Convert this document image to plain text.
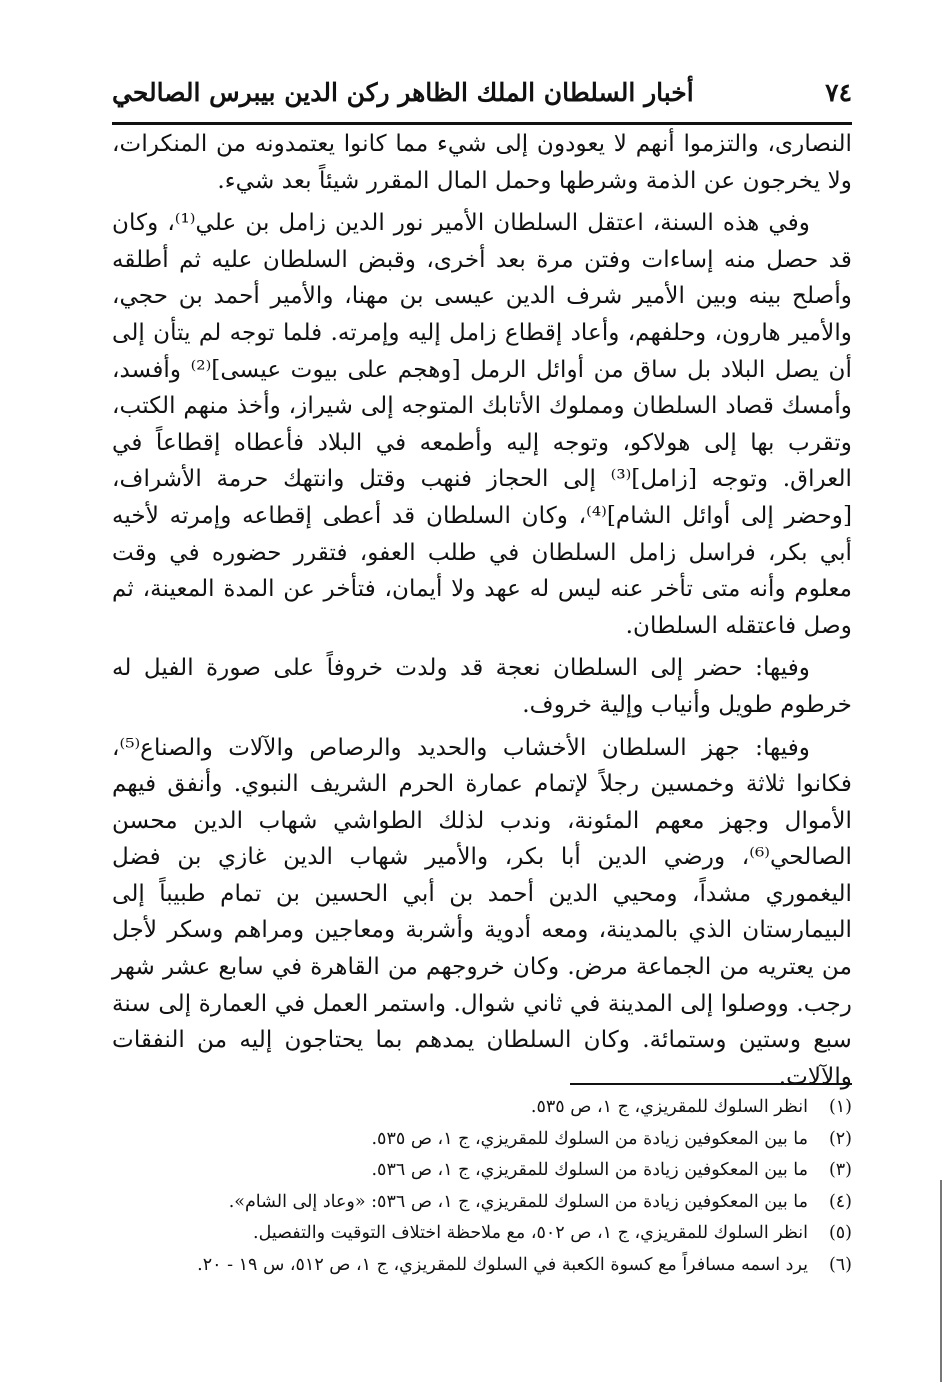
٧٤
أخبار السلطان الملك الظاهر ركن الدين بيبرس الصالحي

النصارى، والتزموا أنهم لا يعودون إلى شيء مما كانوا يعتمدونه من المنكرات، ولا يخرجون عن الذمة وشرطها وحمل المال المقرر شيئاً بعد شيء.

وفي هذه السنة، اعتقل السلطان الأمير نور الدين زامل بن علي⁽¹⁾، وكان قد حصل منه إساءات وفتن مرة بعد أخرى، وقبض السلطان عليه ثم أطلقه وأصلح بينه وبين الأمير شرف الدين عيسى بن مهنا، والأمير أحمد بن حجي، والأمير هارون، وحلفهم، وأعاد إقطاع زامل إليه وإمرته. فلما توجه لم يتأن إلى أن يصل البلاد بل ساق من أوائل الرمل [وهجم على بيوت عيسى]⁽²⁾ وأفسد، وأمسك قصاد السلطان ومملوك الأتابك المتوجه إلى شيراز، وأخذ منهم الكتب، وتقرب بها إلى هولاكو، وتوجه إليه وأطمعه في البلاد فأعطاه إقطاعاً في العراق. وتوجه [زامل]⁽³⁾ إلى الحجاز فنهب وقتل وانتهك حرمة الأشراف، [وحضر إلى أوائل الشام]⁽⁴⁾، وكان السلطان قد أعطى إقطاعه وإمرته لأخيه أبي بكر، فراسل زامل السلطان في طلب العفو، فتقرر حضوره في وقت معلوم وأنه متى تأخر عنه ليس له عهد ولا أيمان، فتأخر عن المدة المعينة، ثم وصل فاعتقله السلطان.

وفيها: حضر إلى السلطان نعجة قد ولدت خروفاً على صورة الفيل له خرطوم طويل وأنياب وإلية خروف.

وفيها: جهز السلطان الأخشاب والحديد والرصاص والآلات والصناع⁽⁵⁾، فكانوا ثلاثة وخمسين رجلاً لإتمام عمارة الحرم الشريف النبوي. وأنفق فيهم الأموال وجهز معهم المئونة، وندب لذلك الطواشي شهاب الدين محسن الصالحي⁽⁶⁾، ورضي الدين أبا بكر، والأمير شهاب الدين غازي بن فضل اليغموري مشداً، ومحيي الدين أحمد بن أبي الحسين بن تمام طبيباً إلى البيمارستان الذي بالمدينة، ومعه أدوية وأشربة ومعاجين ومراهم وسكر لأجل من يعتريه من الجماعة مرض. وكان خروجهم من القاهرة في سابع عشر شهر رجب. ووصلوا إلى المدينة في ثاني شوال. واستمر العمل في العمارة إلى سنة سبع وستين وستمائة. وكان السلطان يمدهم بما يحتاجون إليه من النفقات والآلات.

(١)
انظر السلوك للمقريزي، ج ١، ص ٥٣٥.
(٢)
ما بين المعكوفين زيادة من السلوك للمقريزي، ج ١، ص ٥٣٥.
(٣)
ما بين المعكوفين زيادة من السلوك للمقريزي، ج ١، ص ٥٣٦.
(٤)
ما بين المعكوفين زيادة من السلوك للمقريزي، ج ١، ص ٥٣٦: «وعاد إلى الشام».
(٥)
انظر السلوك للمقريزي، ج ١، ص ٥٠٢، مع ملاحظة اختلاف التوقيت والتفصيل.
(٦)
يرد اسمه مسافراً مع كسوة الكعبة في السلوك للمقريزي، ج ١، ص ٥١٢، س ١٩ - ٢٠.
